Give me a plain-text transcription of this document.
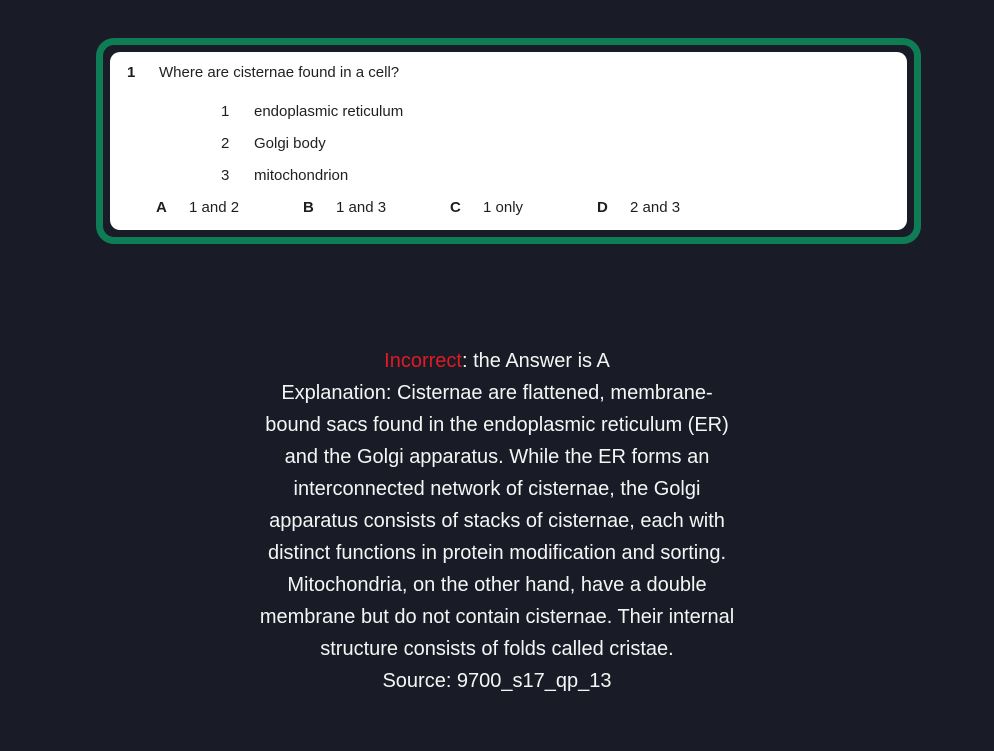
1	Where are cisternae found in a cell?
1	endoplasmic reticulum
2	Golgi body
3	mitochondrion
A	1 and 2	B	1 and 3	C	1 only	D	2 and 3
Incorrect: the Answer is A
Explanation: Cisternae are flattened, membrane-
bound sacs found in the endoplasmic reticulum (ER)
and the Golgi apparatus. While the ER forms an
interconnected network of cisternae, the Golgi
apparatus consists of stacks of cisternae, each with
distinct functions in protein modification and sorting.
Mitochondria, on the other hand, have a double
membrane but do not contain cisternae. Their internal
structure consists of folds called cristae.
Source: 9700_s17_qp_13
